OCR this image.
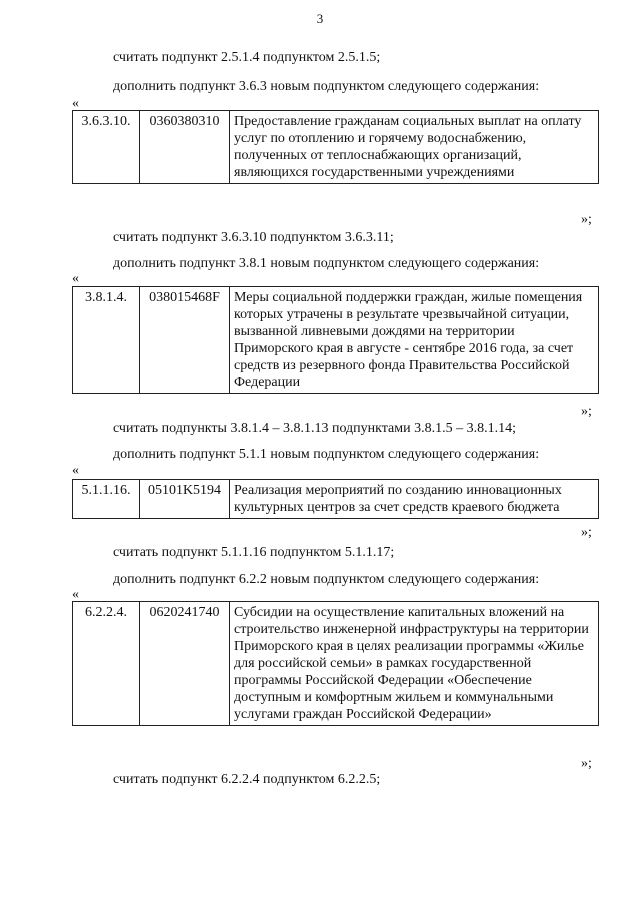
3
считать подпункт 2.5.1.4 подпунктом 2.5.1.5;
дополнить подпункт 3.6.3 новым подпунктом следующего содержания:
«
3.6.3.10.	0360380310	Предоставление гражданам социальных выплат на оплату услуг по отоплению и горячему водоснабжению, полученных от теплоснабжающих организаций, являющихся государственными учреждениями
»;
считать подпункт 3.6.3.10 подпунктом 3.6.3.11;
дополнить подпункт 3.8.1 новым подпунктом следующего содержания:
«
3.8.1.4.	038015468F	Меры социальной поддержки граждан, жилые помещения которых утрачены в результате чрезвычайной ситуации, вызванной ливневыми дождями на территории Приморского края в августе - сентябре 2016 года, за счет средств из резервного фонда Правительства Российской Федерации
»;
считать подпункты 3.8.1.4 – 3.8.1.13 подпунктами 3.8.1.5 – 3.8.1.14;
дополнить подпункт 5.1.1 новым подпунктом следующего содержания:
«
5.1.1.16.	05101K5194	Реализация мероприятий по созданию инновационных культурных центров за счет средств краевого бюджета
»;
считать подпункт 5.1.1.16 подпунктом 5.1.1.17;
дополнить подпункт 6.2.2 новым подпунктом следующего содержания:
«
6.2.2.4.	0620241740	Субсидии на осуществление капитальных вложений на строительство инженерной инфраструктуры на территории Приморского края в целях реализации программы «Жилье для российской семьи» в рамках государственной программы Российской Федерации «Обеспечение доступным и комфортным жильем и коммунальными услугами граждан Российской Федерации»
»;
считать подпункт 6.2.2.4 подпунктом 6.2.2.5;
